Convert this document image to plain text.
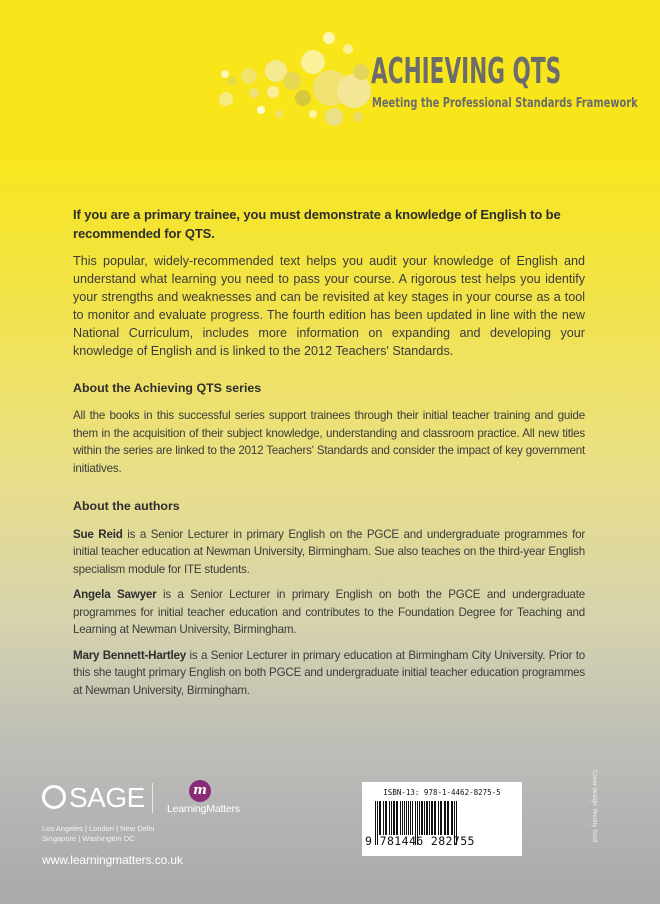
ACHIEVING QTS

Meeting the Professional Standards Framework

If you are a primary trainee, you must demonstrate a knowledge of English to be recommended for QTS.

This popular, widely-recommended text helps you audit your knowledge of English and understand what learning you need to pass your course. A rigorous test helps you identify your strengths and weaknesses and can be revisited at key stages in your course as a tool to monitor and evaluate progress. The fourth edition has been updated in line with the new National Curriculum, includes more information on expanding and developing your knowledge of English and is linked to the 2012 Teachers' Standards.

About the Achieving QTS series

All the books in this successful series support trainees through their initial teacher training and guide them in the acquisition of their subject knowledge, understanding and classroom practice. All new titles within the series are linked to the 2012 Teachers' Standards and consider the impact of key government initiatives.

About the authors

Sue Reid is a Senior Lecturer in primary English on the PGCE and undergraduate programmes for initial teacher education at Newman University, Birmingham. Sue also teaches on the third-year English specialism module for ITE students.

Angela Sawyer is a Senior Lecturer in primary English on both the PGCE and undergraduate programmes for initial teacher education and contributes to the Foundation Degree for Teaching and Learning at Newman University, Birmingham.

Mary Bennett-Hartley is a Senior Lecturer in primary education at Birmingham City University. Prior to this she taught primary English on both PGCE and undergraduate initial teacher education programmes at Newman University, Birmingham.

SAGE	m
LearningMatters
Los Angeles | London | New Delhi
Singapore | Washington DC
www.learningmatters.co.uk
ISBN-13: 978-1-4462-8275-5
9 781446 282755	Cover design: Wendy Scott
